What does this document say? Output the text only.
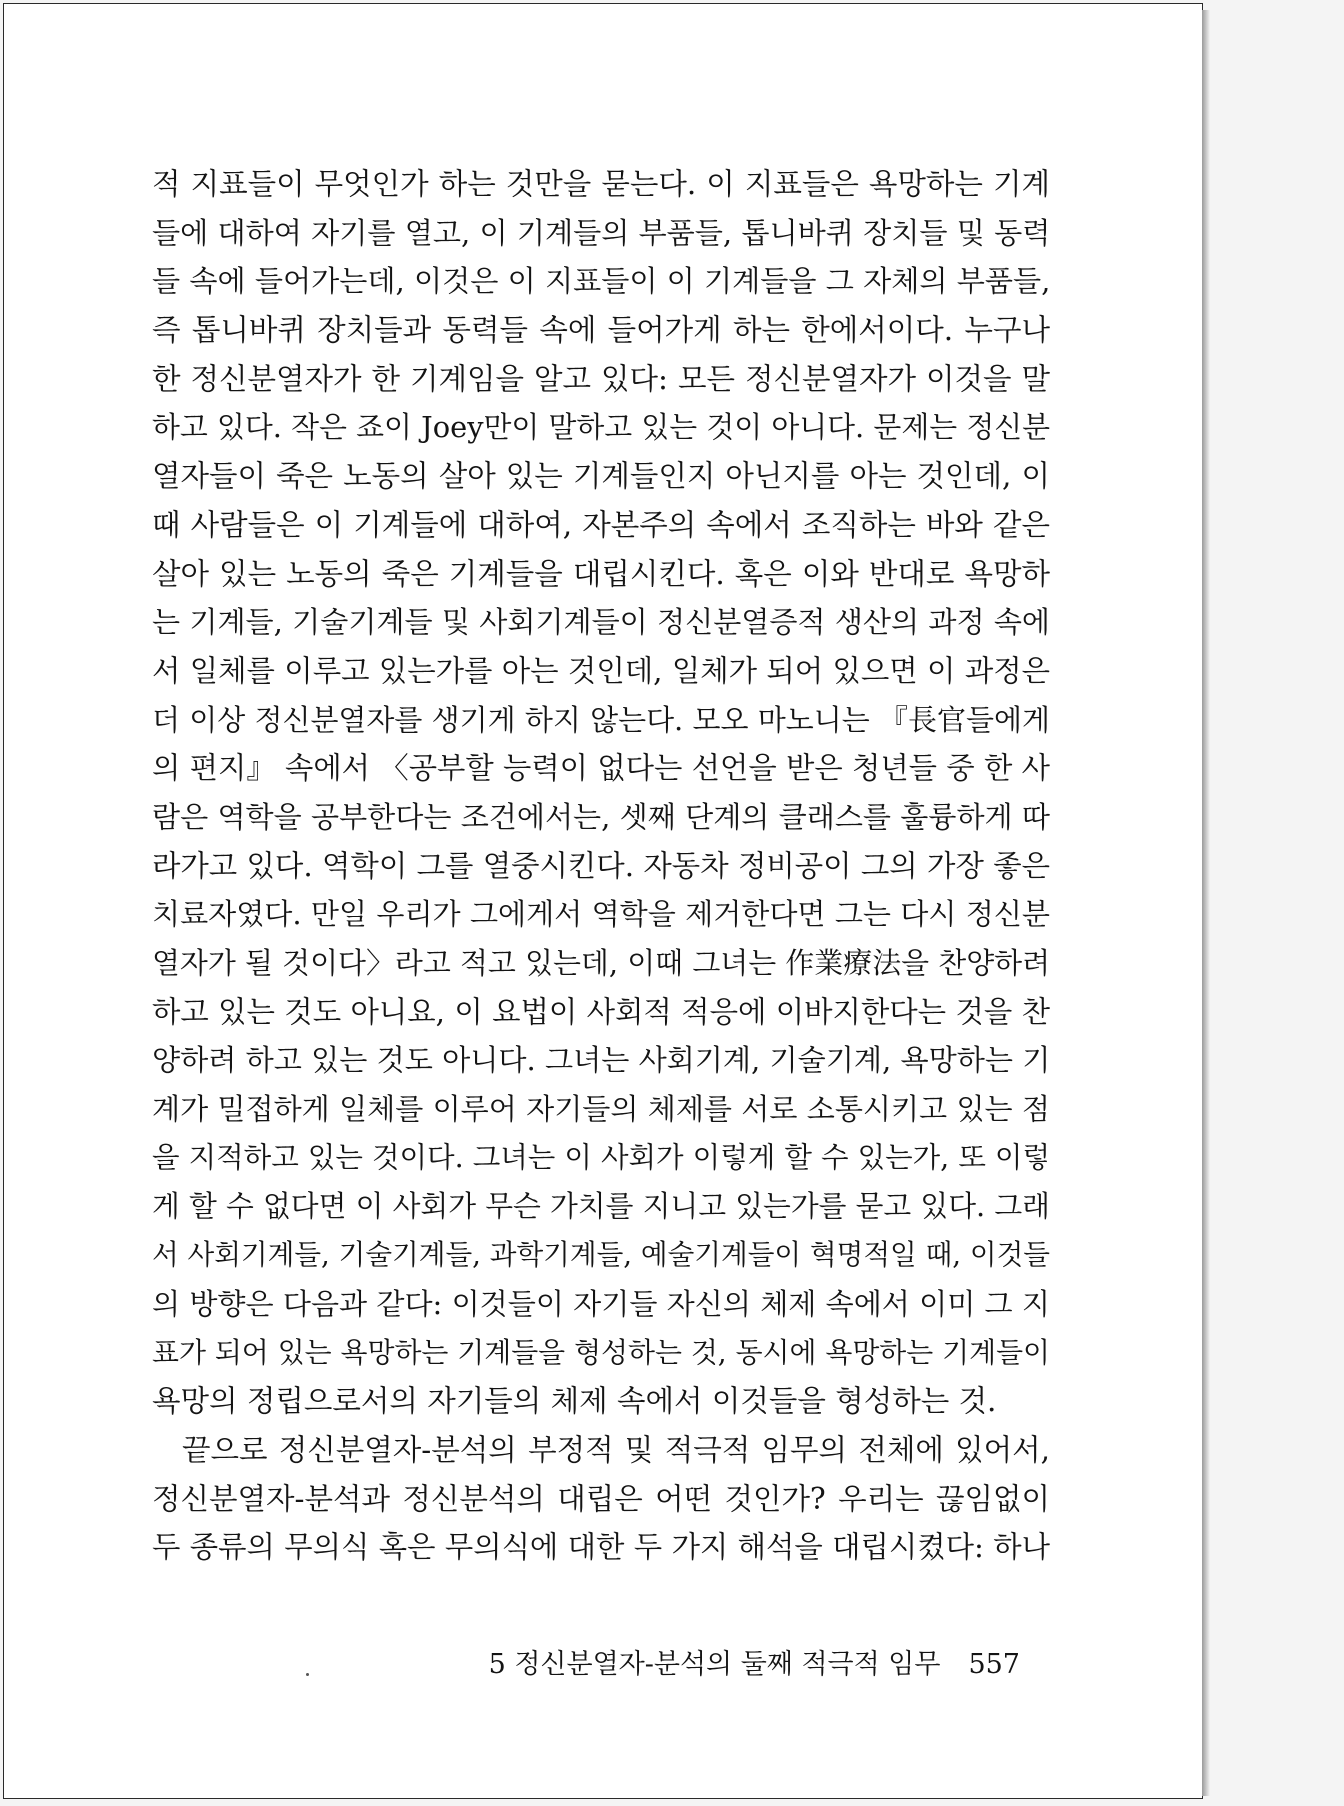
적 지표들이 무엇인가 하는 것만을 묻는다. 이 지표들은 욕망하는 기계
들에 대하여 자기를 열고, 이 기계들의 부품들, 톱니바퀴 장치들 및 동력
들 속에 들어가는데, 이것은 이 지표들이 이 기계들을 그 자체의 부품들,
즉 톱니바퀴 장치들과 동력들 속에 들어가게 하는 한에서이다. 누구나
한 정신분열자가 한 기계임을 알고 있다: 모든 정신분열자가 이것을 말
하고 있다. 작은 죠이 Joey만이 말하고 있는 것이 아니다. 문제는 정신분
열자들이 죽은 노동의 살아 있는 기계들인지 아닌지를 아는 것인데, 이
때 사람들은 이 기계들에 대하여, 자본주의 속에서 조직하는 바와 같은
살아 있는 노동의 죽은 기계들을 대립시킨다. 혹은 이와 반대로 욕망하
는 기계들, 기술기계들 및 사회기계들이 정신분열증적 생산의 과정 속에
서 일체를 이루고 있는가를 아는 것인데, 일체가 되어 있으면 이 과정은
더 이상 정신분열자를 생기게 하지 않는다. 모오 마노니는 『長官들에게
의 편지』 속에서 〈공부할 능력이 없다는 선언을 받은 청년들 중 한 사
람은 역학을 공부한다는 조건에서는, 셋째 단계의 클래스를 훌륭하게 따
라가고 있다. 역학이 그를 열중시킨다. 자동차 정비공이 그의 가장 좋은
치료자였다. 만일 우리가 그에게서 역학을 제거한다면 그는 다시 정신분
열자가 될 것이다〉라고 적고 있는데, 이때 그녀는 作業療法을 찬양하려
하고 있는 것도 아니요, 이 요법이 사회적 적응에 이바지한다는 것을 찬
양하려 하고 있는 것도 아니다. 그녀는 사회기계, 기술기계, 욕망하는 기
계가 밀접하게 일체를 이루어 자기들의 체제를 서로 소통시키고 있는 점
을 지적하고 있는 것이다. 그녀는 이 사회가 이렇게 할 수 있는가, 또 이렇
게 할 수 없다면 이 사회가 무슨 가치를 지니고 있는가를 묻고 있다. 그래
서 사회기계들, 기술기계들, 과학기계들, 예술기계들이 혁명적일 때, 이것들
의 방향은 다음과 같다: 이것들이 자기들 자신의 체제 속에서 이미 그 지
표가 되어 있는 욕망하는 기계들을 형성하는 것, 동시에 욕망하는 기계들이
욕망의 정립으로서의 자기들의 체제 속에서 이것들을 형성하는 것.
끝으로 정신분열자-분석의 부정적 및 적극적 임무의 전체에 있어서,
정신분열자-분석과 정신분석의 대립은 어떤 것인가? 우리는 끊임없이
두 종류의 무의식 혹은 무의식에 대한 두 가지 해석을 대립시켰다: 하나
5 정신분열자-분석의 둘째 적극적 임무 557
